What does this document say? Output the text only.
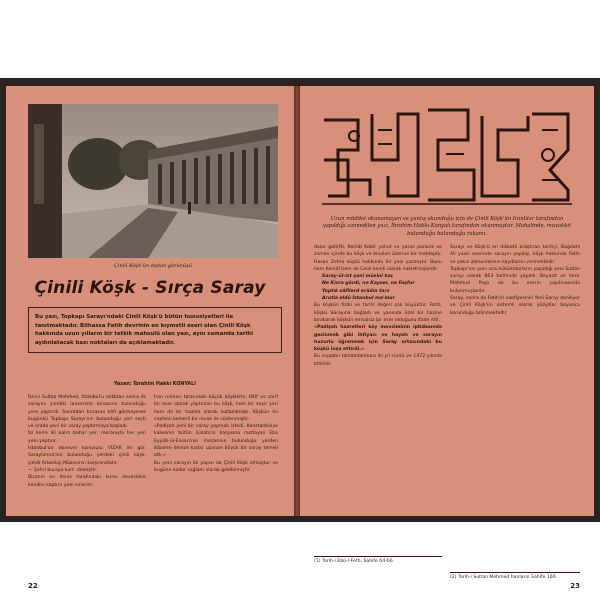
Çinili Köşk'ün dıştan görünüşü
Çinili Köşk - Sırça Saray
Bu yazı, Topkapı Sarayı'ndaki Çinili Köşk'ü bütün hususiyetleri ile tanıtmaktadır. Bilhassa Fatih devrinin en kıymetli eseri olan Çinili Köşk hakkında uzun yılların bir tetkik mahsulü olan yazı, aynı zamanda tarihi aydınlatacak bazı noktaları da açıklamaktadır.
Yazan: İbrahim Hakkı KONYALI

İkinci Sultan Mehmed, İstanbul'u aldıktan sonra ilk sarayını şimdiki üniversite binasının bulunduğu yere yaptırdı. Sonradan burasını kâfi görmeyerek bugünkü Topkapı Sarayı'nın bulunduğu yeri seçti ve orada yeni bir saray yaptırmaya başladı.

İki kerre iki kalrn bahar yer, meranıyla her yeri yeni yaptırır.

İstanbul'un ebnevel konusulu VİZAR ile gör. Saraylarına'nın bulunduğu yerdeki çinili köşk, şimdi Arkeoloji Müzesinin karşısındadır.

— Şehri buraya kurt. demiştir.

Bizanın en deniz tarafındaki kısmı devecilere kendini kaptırır yeni sinerim.

İran mimarı tarzındaki küçük köşklerle, lâtif ve zarif bir eser olarak yaptırılan bu köşk, hem bir seyir yeri hem de bir hazine olarak kullanılmıştı. Köşkün ön cephesi kemerli bir revak ile süslenmiştir.

«Padişah yeni bir saray yapmak istedi. Konstantiniye kalesinin bütün Galata'sı karşısına rastlayan Eba Eyyüb-ül-Ensari'nin mezarının bulunduğu yerden itibaren denize kadar uzanan büyük bir saray temeli attı.»

Bu yeni sarayın ilk yapısı da Çinili Köşk olmuştur ve bugüne kadar sağlam olarak gelebilmiştir.

22
Uzun müddet okunamayan ve yanlış okunduğu için de Çinili Köşk'ün İranlılar tarafından yapıldığı zannedilen yazı, İbrahim Hakkı Konyalı tarafından okunmuştur. Mahalinde, muvakkit bulunduğu bulunduğu rakamı.

dalar getirtti. Kemâl Kebîr yahut ve yaraz paracık ve zaman içinde bu köşk ve binaları üzerine bir mekteptir. Hasan Zehra köşkü hakkında bir yazı yazmıştır. Bunu hem Kemâl hem de Celal kendi olarak nakletmişlerdir.

Saray-ül-ist şani müsini kaç
Ne Kisra gördi, ne Kayser, ne Faşfur
Yaptık sâfilerd erâdın tarz
Arutla eldü İstanbul ma'mur

Bu köşkün fiziki ve tarihi değeri çok büyüktür. Fatih, köşkü Sarayına bağladı ve yanında özel bir hazine bırakarak köşkün emsalsiz bir eser olduğunu ifade etti.

«Padişah hazretleri köy mevsiminin iptidasında gezinmek gibi ihtiyacı ve hayatı ve sarayın huzurlu öğrenmek için Saray ortasındaki bu köşkü inşa ettirdi.»

Bu inşaatın tamamlanması iki yıl sürdü ve 1472 yılında bitirildi.

(1) Tarih-i Ebü-l-Feth, Sahife 64-66.

Sarayı ve Köşk'ü en dikkatli araştıran tarihçi, Bağdatlı Ali yazılı eserinde sarayın yapılışı, köşk hakkında Fatih ve yakın zamanlarının kayıtlarını vermektedir.

Topkapı'nın yanı sıra hükümdarların yaşadığı yeni Sultan sarayı olarak 863 tarihinde yapıldı. Beyazıt ve Vezir Mahmud Paşa da bu eserin yapılmasında bulunmuşlardır.

Saray, sonra da Fatih'in vakfiyesinin Yeni Saray deniliyor ve Çinili Köşk'ün sistemli olarak yüzyıllar boyunca korunduğu bilinmektedir.

(2) Tarih-i Sultan Mehmed hanların Sahife 166.
23
